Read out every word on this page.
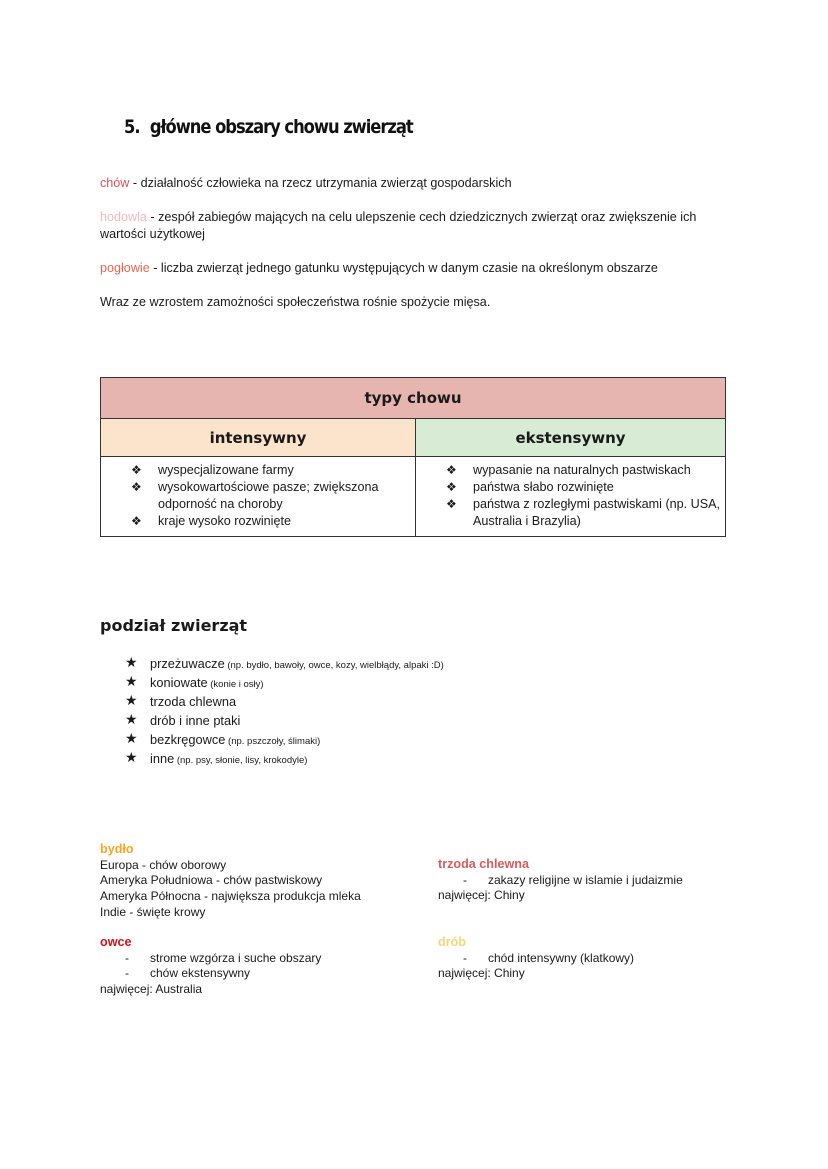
5. główne obszary chowu zwierząt
chów - działalność człowieka na rzecz utrzymania zwierząt gospodarskich
hodowla - zespół zabiegów mających na celu ulepszenie cech dziedzicznych zwierząt oraz zwiększenie ich wartości użytkowej
pogłowie - liczba zwierząt jednego gatunku występujących w danym czasie na określonym obszarze
Wraz ze wzrostem zamożności społeczeństwa rośnie spożycie mięsa.
typy chowu	
intensywny	ekstensywny

❖ wyspecjalizowane farmy
❖ wysokowartościowe pasze; zwiększona odporność na choroby
❖ kraje wysoko rozwinięte

❖ wypasanie na naturalnych pastwiskach
❖ państwa słabo rozwinięte
❖ państwa z rozległymi pastwiskami (np. USA, Australia i Brazylia)
podział zwierząt
★ przeżuwacze (np. bydło, bawoły, owce, kozy, wielbłądy, alpaki :D)
★ koniowate (konie i osły)
★ trzoda chlewna
★ drób i inne ptaki
★ bezkręgowce (np. pszczoły, ślimaki)
★ inne (np. psy, słonie, lisy, krokodyle)
bydło
Europa - chów oborowy
Ameryka Południowa - chów pastwiskowy
Ameryka Północna - największa produkcja mleka
Indie - święte krowy
owce
- strome wzgórza i suche obszary
- chów ekstensywny
najwięcej: Australia
trzoda chlewna
- zakazy religijne w islamie i judaizmie
najwięcej: Chiny
drób
- chód intensywny (klatkowy)
najwięcej: Chiny
